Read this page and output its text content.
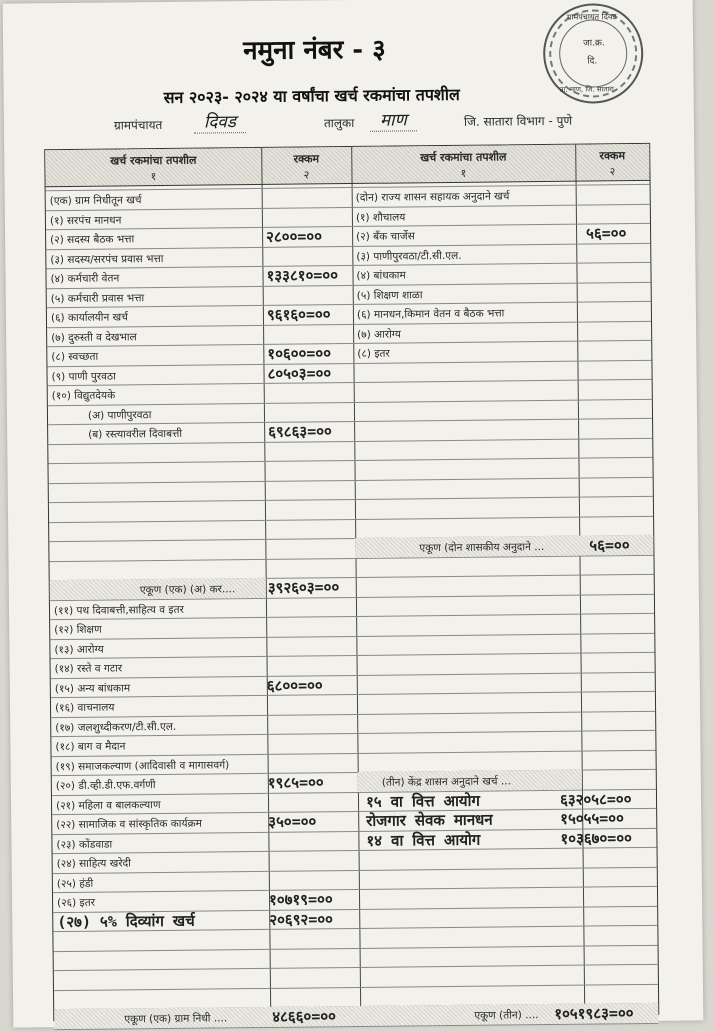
ग्रामपंचायत दिवड
जा.क्र.
दि.
ता. माण, जि. सातारा
नमुना नंबर - ३
सन २०२३- २०२४ या वर्षांचा खर्च रकमांचा तपशील
ग्रामपंचायत	दिवड	तालुका	माण	जि. सातारा विभाग - पुणे
खर्च रकमांचा तपशील	रक्कम	खर्च रकमांचा तपशील	रक्कम
१	२	१	२
(एक) ग्राम निधीतून खर्च	(दोन) राज्य शासन सहायक अनुदाने खर्च
(१) सरपंच मानधन
(२) सदस्य बैठक भत्ता	२८००=००
(३) सदस्य/सरपंच प्रवास भत्ता
(४) कर्मचारी वेतन	१३३८१०=००
(५) कर्मचारी प्रवास भत्ता
(६) कार्यालयीन खर्च	९६१६०=००
(७) दुरुस्ती व देखभाल
(८) स्वच्छता	१०६००=००
(९) पाणी पुरवठा	८०५०३=००
(१०) विद्युतदेयके
(अ) पाणीपुरवठा
(ब) रस्त्यावरील दिवाबत्ती	६९८६३=००
(१) शौचालय
(२) बँक चार्जेस	५६=००
(३) पाणीपुरवठा/टी.सी.एल.
(४) बांधकाम
(५) शिक्षण शाळा
(६) मानधन,किमान वेतन व बैठक भत्ता
(७) आरोग्य
(८) इतर
एकूण (दोन शासकीय अनुदाने ...	५६=००
एकूण (एक) (अ) कर.... ३९२६०३=००
(११) पथ दिवाबत्ती,साहित्य व इतर
(१२) शिक्षण
(१३) आरोग्य
(१४) रस्ते व गटार
(१५) अन्य बांधकाम	६८००=००
(१६) वाचनालय
(१७) जलशुध्दीकरण/टी.सी.एल.
(१८) बाग व मैदान
(१९) समाजकल्याण (आदिवासी व मागासवर्ग)
(२०) डी.व्ही.डी.एफ.वर्गणी	१९८५=००
(२१) महिला व बालकल्याण
(२२) सामाजिक व सांस्कृतिक कार्यक्रम	३५०=००
(२३) कोंडवाडा
(२४) साहित्य खरेदी
(२५) हंडी
(२६) इतर	१०७१९=००
(२७) ५% दिव्यांग खर्च	२०६९२=००
(तीन) केंद्र शासन अनुदाने खर्च ...
१५ वा वित्त आयोग	६३२०५८=००
रोजगार सेवक मानधन	१५०५५=००
१४ वा वित्त आयोग	१०३६७०=००
एकूण (एक) ग्राम निधी ....	४८६६०=००	एकूण (तीन) .... १०५१९८३=००
